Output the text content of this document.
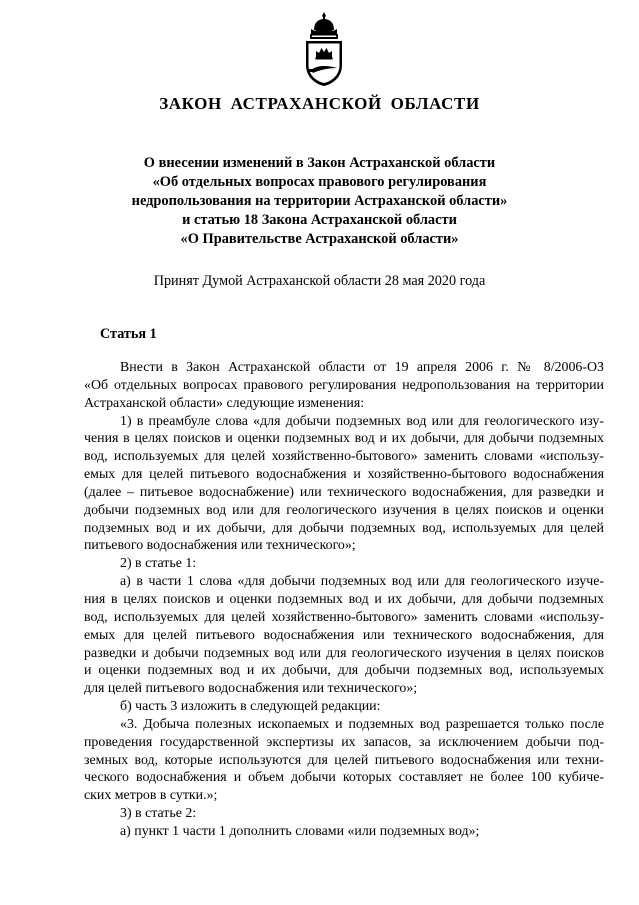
ЗАКОН АСТРАХАНСКОЙ ОБЛАСТИ
О внесении изменений в Закон Астраханской области
«Об отдельных вопросах правового регулирования
недропользования на территории Астраханской области»
и статью 18 Закона Астраханской области
«О Правительстве Астраханской области»
Принят Думой Астраханской области 28 мая 2020 года
Статья 1

Внести в Закон Астраханской области от 19 апреля 2006 г. № 8/2006-ОЗ

«Об отдельных вопросах правового регулирования недропользования на территории

Астраханской области» следующие изменения:

1) в преамбуле слова «для добычи подземных вод или для геологического изу-

чения в целях поисков и оценки подземных вод и их добычи, для добычи подземных

вод, используемых для целей хозяйственно-бытового» заменить словами «использу-

емых для целей питьевого водоснабжения и хозяйственно-бытового водоснабжения

(далее – питьевое водоснабжение) или технического водоснабжения, для разведки и

добычи подземных вод или для геологического изучения в целях поисков и оценки

подземных вод и их добычи, для добычи подземных вод, используемых для целей

питьевого водоснабжения или технического»;

2) в статье 1:

а) в части 1 слова «для добычи подземных вод или для геологического изуче-

ния в целях поисков и оценки подземных вод и их добычи, для добычи подземных

вод, используемых для целей хозяйственно-бытового» заменить словами «использу-

емых для целей питьевого водоснабжения или технического водоснабжения, для

разведки и добычи подземных вод или для геологического изучения в целях поисков

и оценки подземных вод и их добычи, для добычи подземных вод, используемых

для целей питьевого водоснабжения или технического»;

б) часть 3 изложить в следующей редакции:

«3. Добыча полезных ископаемых и подземных вод разрешается только после

проведения государственной экспертизы их запасов, за исключением добычи под-

земных вод, которые используются для целей питьевого водоснабжения или техни-

ческого водоснабжения и объем добычи которых составляет не более 100 кубиче-

ских метров в сутки.»;

3) в статье 2:

а) пункт 1 части 1 дополнить словами «или подземных вод»;
